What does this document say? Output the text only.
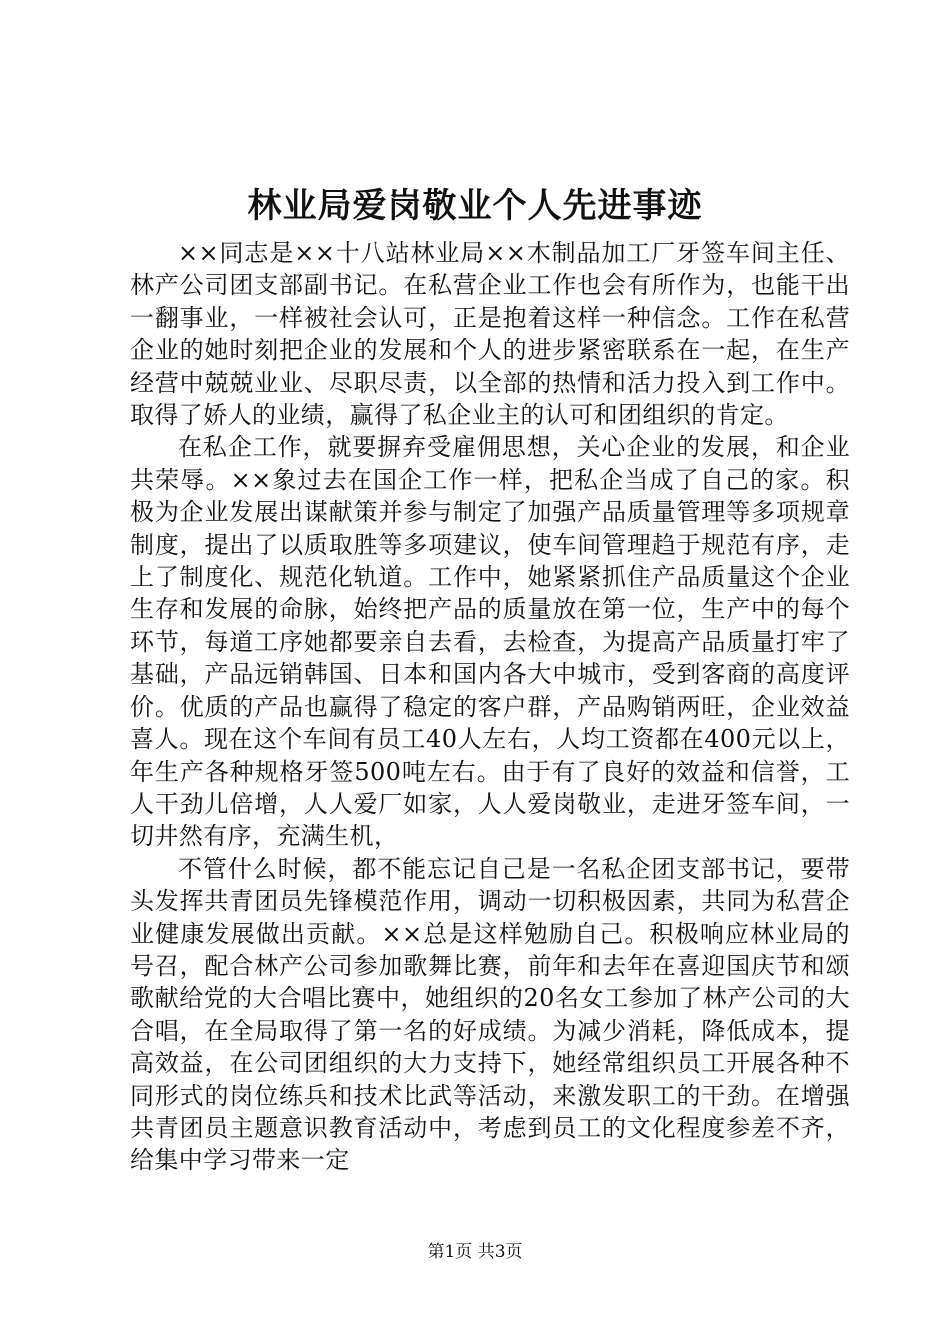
林业局爱岗敬业个人先进事迹

××同志是××十八站林业局××木制品加工厂牙签车间主任、林产公司团支部副书记。在私营企业工作也会有所作为，也能干出一翻事业，一样被社会认可，正是抱着这样一种信念。工作在私营企业的她时刻把企业的发展和个人的进步紧密联系在一起，在生产经营中兢兢业业、尽职尽责，以全部的热情和活力投入到工作中。取得了娇人的业绩，赢得了私企业主的认可和团组织的肯定。

在私企工作，就要摒弃受雇佣思想，关心企业的发展，和企业共荣辱。××象过去在国企工作一样，把私企当成了自己的家。积极为企业发展出谋献策并参与制定了加强产品质量管理等多项规章制度，提出了以质取胜等多项建议，使车间管理趋于规范有序，走上了制度化、规范化轨道。工作中，她紧紧抓住产品质量这个企业生存和发展的命脉，始终把产品的质量放在第一位，生产中的每个环节，每道工序她都要亲自去看，去检查，为提高产品质量打牢了基础，产品远销韩国、日本和国内各大中城市，受到客商的高度评价。优质的产品也赢得了稳定的客户群，产品购销两旺，企业效益喜人。现在这个车间有员工40人左右，人均工资都在400元以上，年生产各种规格牙签500吨左右。由于有了良好的效益和信誉，工人干劲儿倍增，人人爱厂如家，人人爱岗敬业，走进牙签车间，一切井然有序，充满生机，

不管什么时候，都不能忘记自己是一名私企团支部书记，要带头发挥共青团员先锋模范作用，调动一切积极因素，共同为私营企业健康发展做出贡献。××总是这样勉励自己。积极响应林业局的号召，配合林产公司参加歌舞比赛，前年和去年在喜迎国庆节和颂歌献给党的大合唱比赛中，她组织的20名女工参加了林产公司的大合唱，在全局取得了第一名的好成绩。为减少消耗，降低成本，提高效益，在公司团组织的大力支持下，她经常组织员工开展各种不同形式的岗位练兵和技术比武等活动，来激发职工的干劲。在增强共青团员主题意识教育活动中，考虑到员工的文化程度参差不齐，给集中学习带来一定

第1页 共3页
